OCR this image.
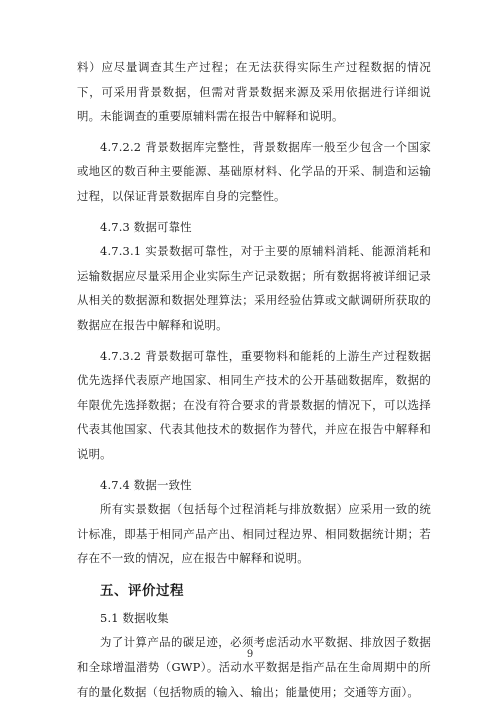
料）应尽量调查其生产过程；在无法获得实际生产过程数据的情况下，可采用背景数据，但需对背景数据来源及采用依据进行详细说明。未能调查的重要原辅料需在报告中解释和说明。

4.7.2.2 背景数据库完整性，背景数据库一般至少包含一个国家或地区的数百种主要能源、基础原材料、化学品的开采、制造和运输过程，以保证背景数据库自身的完整性。

4.7.3 数据可靠性

4.7.3.1 实景数据可靠性，对于主要的原辅料消耗、能源消耗和运输数据应尽量采用企业实际生产记录数据；所有数据将被详细记录从相关的数据源和数据处理算法；采用经验估算或文献调研所获取的数据应在报告中解释和说明。

4.7.3.2 背景数据可靠性，重要物料和能耗的上游生产过程数据优先选择代表原产地国家、相同生产技术的公开基础数据库，数据的年限优先选择数据；在没有符合要求的背景数据的情况下，可以选择代表其他国家、代表其他技术的数据作为替代，并应在报告中解释和说明。

4.7.4 数据一致性

所有实景数据（包括每个过程消耗与排放数据）应采用一致的统计标准，即基于相同产品产出、相同过程边界、相同数据统计期；若存在不一致的情况，应在报告中解释和说明。

五、评价过程

5.1 数据收集

为了计算产品的碳足迹，必须考虑活动水平数据、排放因子数据和全球增温潜势（GWP）。活动水平数据是指产品在生命周期中的所有的量化数据（包括物质的输入、输出；能量使用；交通等方面）。

9
